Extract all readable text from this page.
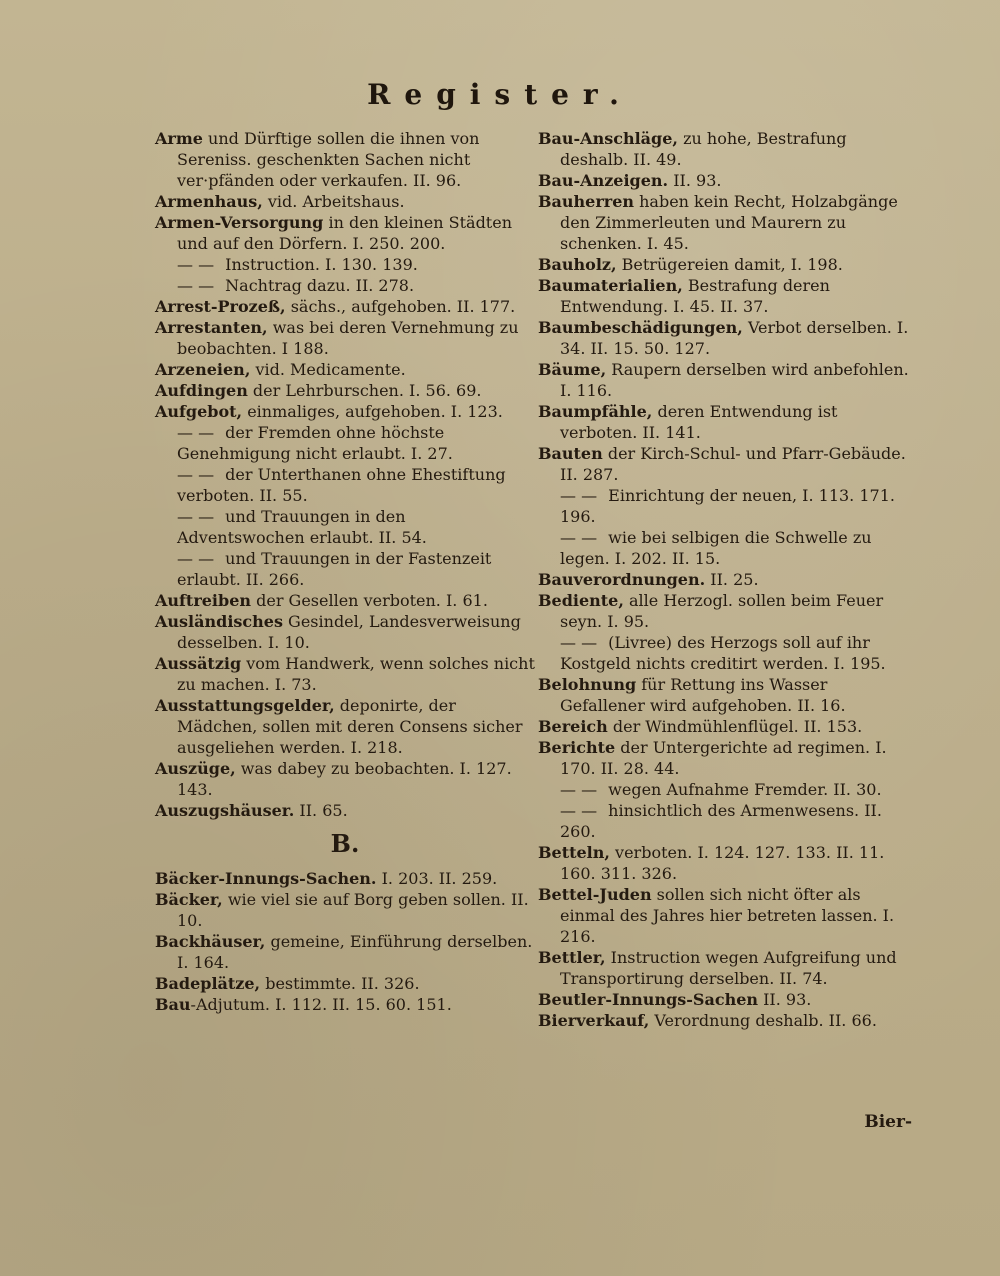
Register.
Arme und Dürftige sollen die ihnen von Sereniss. geschenkten Sachen nicht ver·pfänden oder verkaufen. II. 96.
Armenhaus, vid. Arbeitshaus.
Armen-Versorgung in den kleinen Städten und auf den Dörfern. I. 250. 200.
— — Instruction. I. 130. 139.
— — Nachtrag dazu. II. 278.
Arrest-Prozeß, sächs., aufgehoben. II. 177.
Arrestanten, was bei deren Vernehmung zu beobachten. I 188.
Arzeneien, vid. Medicamente.
Aufdingen der Lehrburschen. I. 56. 69.
Aufgebot, einmaliges, aufgehoben. I. 123.
— — der Fremden ohne höchste Genehmigung nicht erlaubt. I. 27.
— — der Unterthanen ohne Ehestiftung verboten. II. 55.
— — und Trauungen in den Adventswochen erlaubt. II. 54.
— — und Trauungen in der Fastenzeit erlaubt. II. 266.
Auftreiben der Gesellen verboten. I. 61.
Ausländisches Gesindel, Landesverweisung desselben. I. 10.
Aussätzig vom Handwerk, wenn solches nicht zu machen. I. 73.
Ausstattungsgelder, deponirte, der Mädchen, sollen mit deren Consens sicher ausgeliehen werden. I. 218.
Auszüge, was dabey zu beobachten. I. 127. 143.
Auszugshäuser. II. 65.
B.
Bäcker-Innungs-Sachen. I. 203. II. 259.
Bäcker, wie viel sie auf Borg geben sollen. II. 10.
Backhäuser, gemeine, Einführung derselben. I. 164.
Badeplätze, bestimmte. II. 326.
Bau-Adjutum. I. 112. II. 15. 60. 151.
Bau-Anschläge, zu hohe, Bestrafung deshalb. II. 49.
Bau-Anzeigen. II. 93.
Bauherren haben kein Recht, Holzabgänge den Zimmerleuten und Maurern zu schenken. I. 45.
Bauholz, Betrügereien damit, I. 198.
Baumaterialien, Bestrafung deren Entwendung. I. 45. II. 37.
Baumbeschädigungen, Verbot derselben. I. 34. II. 15. 50. 127.
Bäume, Raupern derselben wird anbefohlen. I. 116.
Baumpfähle, deren Entwendung ist verboten. II. 141.
Bauten der Kirch-Schul- und Pfarr-Gebäude. II. 287.
— — Einrichtung der neuen, I. 113. 171. 196.
— — wie bei selbigen die Schwelle zu legen. I. 202. II. 15.
Bauverordnungen. II. 25.
Bediente, alle Herzogl. sollen beim Feuer seyn. I. 95.
— — (Livree) des Herzogs soll auf ihr Kostgeld nichts creditirt werden. I. 195.
Belohnung für Rettung ins Wasser Gefallener wird aufgehoben. II. 16.
Bereich der Windmühlenflügel. II. 153.
Berichte der Untergerichte ad regimen. I. 170. II. 28. 44.
— — wegen Aufnahme Fremder. II. 30.
— — hinsichtlich des Armenwesens. II. 260.
Betteln, verboten. I. 124. 127. 133. II. 11. 160. 311. 326.
Bettel-Juden sollen sich nicht öfter als einmal des Jahres hier betreten lassen. I. 216.
Bettler, Instruction wegen Aufgreifung und Transportirung derselben. II. 74.
Beutler-Innungs-Sachen II. 93.
Bierverkauf, Verordnung deshalb. II. 66.
Bier-
